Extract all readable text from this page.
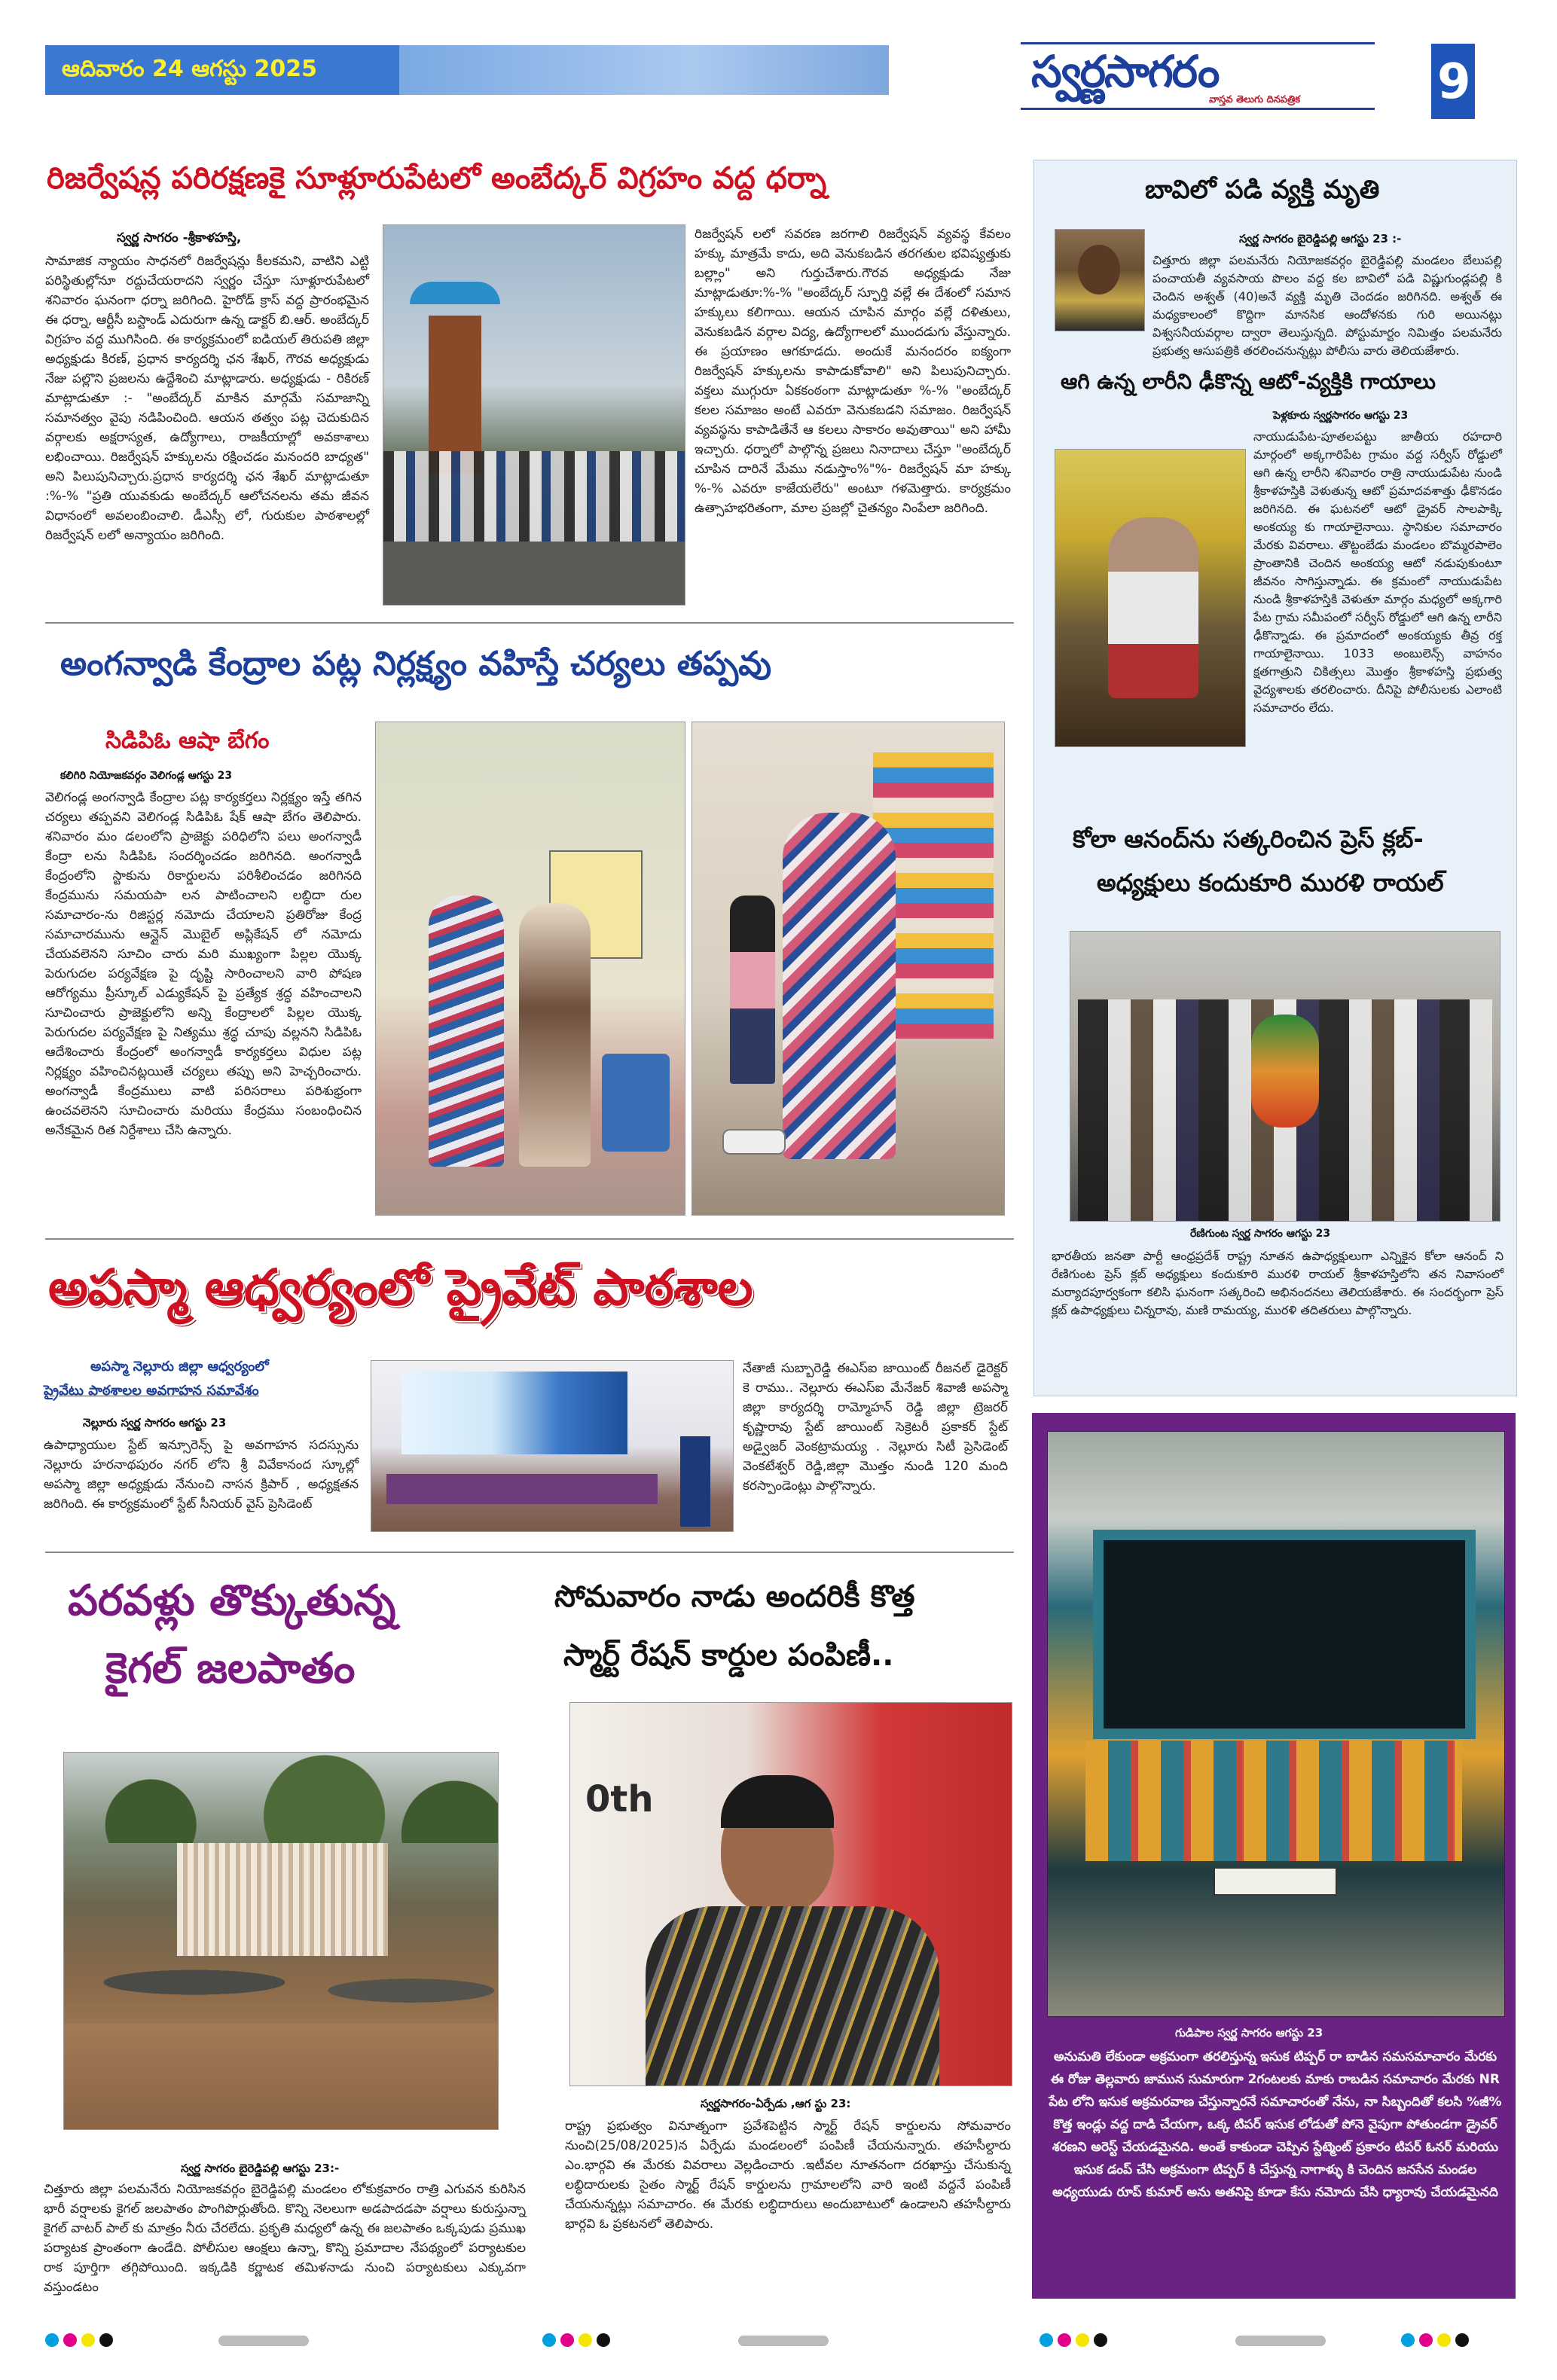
ఆదివారం 24 ఆగస్టు 2025	స్వర్ణసాగరం
వాస్తవ తెలుగు దినపత్రిక	9
రిజర్వేషన్ల పరిరక్షణకై సూళ్లూరుపేటలో అంబేద్కర్ విగ్రహం వద్ద ధర్నా
స్వర్ణ సాగరం -శ్రీకాళహస్తి,
సామాజిక న్యాయం సాధనలో రిజర్వేషన్లు కీలకమని, వాటిని ఎట్టి పరిస్థితుల్లోనూ రద్దుచేయరాదని స్వర్ణం చేస్తూ సూళ్లూరుపేటలో శనివారం ఘనంగా ధర్నా జరిగింది. హైరోడ్ క్రాస్ వద్ద ప్రారంభమైన ఈ ధర్నా, ఆర్టీసీ బస్టాండ్ ఎదురుగా ఉన్న డాక్టర్ బి.ఆర్. అంబేద్కర్ విగ్రహం వద్ద ముగిసింది. ఈ కార్యక్రమంలో ఐడియల్ తిరుపతి జిల్లా అధ్యక్షుడు కిరణ్, ప్రధాన కార్యదర్శి ఛన శేఖర్, గౌరవ అధ్యక్షుడు నేజు పల్లొని ప్రజలను ఉద్దేశించి మాట్లాడారు. అధ్యక్షుడు - రికిరణ్ మాట్లాడుతూ :- "అంబేద్కర్ మాకిన మార్గమే సమాజాన్ని సమానత్వం వైపు నడిపించింది. ఆయన తత్వం పట్ల చెదుకుదిన వర్గాలకు అక్షరాస్యత, ఉద్యోగాలు, రాజకీయాల్లో అవకాశాలు లభించాయి. రిజర్వేషన్ హక్కులను రక్షించడం మనందరి బాధ్యత" అని పిలుపునిచ్చారు.ప్రధాన కార్యదర్శి ఛన శేఖర్ మాట్లాడుతూ :%-% "ప్రతి యువకుడు అంబేద్కర్ ఆలోచనలను తమ జీవన విధానంలో అవలంబించాలి. డీఎస్సీ లో, గురుకుల పాఠశాలల్లో రిజర్వేషన్ లలో అన్యాయం జరిగింది.
రిజర్వేషన్ లలో సవరణ జరగాలి రిజర్వేషన్ వ్యవస్థ కేవలం హక్కు మాత్రమే కాదు, అది వెనుకబడిన తరగతుల భవిష్యత్తుకు బల్ల్లాం" అని గుర్తుచేశారు.గౌరవ అధ్యక్షుడు నేజు మాట్లాడుతూ:%-% "అంబేద్కర్ స్ఫూర్తి వల్లే ఈ దేశంలో సమాన హక్కులు కలిగాయి. ఆయన చూపిన మార్గం వల్లే దళితులు, వెనుకబడిన వర్గాల విద్య, ఉద్యోగాలలో ముందడుగు వేస్తున్నారు. ఈ ప్రయాణం ఆగకూడదు. అందుకే మనందరం ఐక్యంగా రిజర్వేషన్ హక్కులను కాపాడుకోవాలి" అని పిలుపునిచ్చారు. వక్తలు ముగ్గురూ ఏకకంఠంగా మాట్లాడుతూ %-% "అంబేద్కర్ కలల సమాజం అంటే ఎవరూ వెనుకబడని సమాజం. రిజర్వేషన్ వ్యవస్థను కాపాడితేనే ఆ కలలు సాకారం అవుతాయి" అని హామీ ఇచ్చారు. ధర్నాలో పాల్గొన్న ప్రజలు నినాదాలు చేస్తూ "అంబేద్కర్ చూపిన దారినే మేము నడుస్తాం%"%- రిజర్వేషన్ మా హక్కు %-% ఎవరూ కాజేయలేరు" అంటూ గళమెత్తారు. కార్యక్రమం ఉత్సాహభరితంగా, మాల ప్రజల్లో చైతన్యం నింపేలా జరిగింది.
అంగన్వాడి కేంద్రాల పట్ల నిర్లక్ష్యం వహిస్తే చర్యలు తప్పవు
సిడిపిఓ ఆషా బేగం
కలిగిరి నియోజకవర్గం వెలిగండ్ల ఆగస్టు 23
వెలిగండ్ల అంగన్వాడి కేంద్రాల పట్ల కార్యకర్తలు నిర్లక్ష్యం ఇస్తే తగిన చర్యలు తప్పవని వెలిగండ్ల సిడిపిఓ షేక్ ఆషా బేగం తెలిపారు. శనివారం మం డలంలోని ప్రాజెక్టు పరిధిలోని పలు అంగన్వాడీ కేంద్రా లను సిడిపిఓ సందర్శించడం జరిగినది. అంగన్వాడీ కేంద్రంలోని స్టాకును రికార్డులను పరిశీలించడం జరిగినది కేంద్రమును సమయపా లన పాటించాలని లబ్ధిదా రుల సమాచారం-ను రిజిస్టర్ల నమోదు చేయాలని ప్రతిరోజు కేంద్ర సమాచారమును ఆన్లైన్ మొబైల్ అప్లికేషన్ లో నమోదు చేయవలెనని సూచిం చారు మరి ముఖ్యంగా పిల్లల యొక్క పెరుగుదల పర్యవేక్షణ పై దృష్టి సారించాలని వారి పోషణ ఆరోగ్యము ప్రీస్కూల్ ఎడ్యుకేషన్ పై ప్రత్యేక శ్రద్ధ వహించాలని సూచించారు ప్రాజెక్టులోని అన్ని కేంద్రాలలో పిల్లల యొక్క పెరుగుదల పర్యవేక్షణ పై నిత్యము శ్రద్ధ చూపు వల్లనని సిడిపిఓ ఆదేశించారు కేంద్రంలో అంగన్వాడీ కార్యకర్తలు విధుల పట్ల నిర్లక్ష్యం వహించినట్లయితే చర్యలు తప్పు అని హెచ్చరించారు. అంగన్వాడీ కేంద్రములు వాటి పరిసరాలు పరిశుభ్రంగా ఉంచవలెనని సూచించారు మరియు కేంద్రము సంబంధించిన అనేకమైన రిత నిర్దేశాలు చేసి ఉన్నారు.
అపస్మా ఆధ్వర్యంలో ప్రైవేట్ పాఠశాల
అపస్మా నెల్లూరు జిల్లా ఆధ్వర్యంలో
ప్రైవేటు పాఠశాలల అవగాహన సమావేశం
నెల్లూరు స్వర్ణ సాగరం ఆగస్టు 23
ఉపాధ్యాయుల స్టేట్ ఇన్సూరెన్స్ పై అవగాహన సదస్సును నెల్లూరు హరనాథపురం నగర్ లోని శ్రీ వివేకానంద స్కూల్లో అపస్మా జిల్లా అధ్యక్షుడు నేనుంచి నాసన క్రిపార్ , అధ్యక్షతన జరిగింది. ఈ కార్యక్రమంలో స్టేట్ సీనియర్ వైస్ ప్రెసిడెంట్
నేతాజీ సుబ్బారెడ్డి ఈఎస్ఐ జాయింట్ రీజనల్ డైరెక్టర్ కె రాము.. నెల్లూరు ఈఎస్ఐ మేనేజర్ శివాజీ అపస్మా జిల్లా కార్యదర్శి రామ్మోహన్ రెడ్డి జిల్లా ట్రెజరర్ కృష్ణారావు స్టేట్ జాయింట్ సెక్రెటరీ ప్రకాకర్ స్టేట్ అడ్వైజర్ వెంకట్రామయ్య . నెల్లూరు సిటీ ప్రెసిడెంట్ వెంకటేశ్వర్ రెడ్డి,జిల్లా మొత్తం నుండి 120 మంది కరస్పాండెంట్లు పాల్గొన్నారు.
పరవళ్లు తొక్కుతున్న
కైగల్ జలపాతం
స్వర్ణ సాగరం బైరెడ్డిపల్లి ఆగస్టు 23:-
చిత్తూరు జిల్లా పలమనేరు నియోజకవర్గం బైరెడ్డిపల్లి మండలం లోకుక్రవారం రాత్రి ఎగువన కురిసిన భారీ వర్షాలకు కైగల్ జలపాతం పొంగిపొర్లుతోంది. కొన్ని నెలలుగా అడపాదడపా వర్షాలు కురుస్తున్నా కైగల్ వాటర్ పాల్ కు మాత్రం నీరు చేరలేదు. ప్రకృతి మధ్యలో ఉన్న ఈ జలపాతం ఒక్కపుడు ప్రముఖ పర్యాటక ప్రాంతంగా ఉండేది. పోలీసుల ఆంక్షలు ఉన్నా, కొన్ని ప్రమాదాల నేపథ్యంలో పర్యాటకుల రాక పూర్తిగా తగ్గిపోయింది. ఇక్కడికి కర్ణాటక తమిళనాడు నుంచి పర్యాటకులు ఎక్కువగా వస్తుండటం
సోమవారం నాడు అందరికీ కొత్త
స్మార్ట్ రేషన్ కార్డుల పంపిణీ..
0th
స్వర్ణసాగరం-ఏర్పేడు ,ఆగ స్టు 23:
రాష్ట్ర ప్రభుత్వం వినూత్నంగా ప్రవేశపెట్టిన స్మార్ట్ రేషన్ కార్డులను సోమవారం నుంచి(25/08/2025)న ఏర్పేడు మండలంలో పంపిణీ చేయనున్నారు. తహసీల్దారు ఎం.భార్గవి ఈ మేరకు వివరాలు వెల్లడించారు .ఇటీవల నూతనంగా దరఖాస్తు చేసుకున్న లబ్ధిదారులకు సైతం స్మార్ట్ రేషన్ కార్డులను గ్రామాలలోని వారి ఇంటి వద్దనే పంపిణీ చేయనున్నట్లు సమాచారం. ఈ మేరకు లబ్ధిదారులు అందుబాటులో ఉండాలని తహసీల్దారు భార్గవి ఓ ప్రకటనలో తెలిపారు.
బావిలో పడి వ్యక్తి మృతి
స్వర్ణ సాగరం బైరెడ్డిపల్లి ఆగస్టు 23 :-
చిత్తూరు జిల్లా పలమనేరు నియోజకవర్గం బైరెడ్డిపల్లి మండలం బేలుపల్లి పంచాయతీ వ్యవసాయ పొలం వద్ద కల బావిలో పడి విష్ణుగుండ్లపల్లి కి చెందిన అశ్వత్ (40)అనే వ్యక్తి మృతి చెందడం జరిగినది. అశ్వత్ ఈ మధ్యకాలంలో కొద్దిగా మానసిక ఆందోళనకు గురి అయినట్లు విశ్వసనీయవర్గాల ద్వారా తెలుస్తున్నది. పోస్టుమార్టం నిమిత్తం పలమనేరు ప్రభుత్వ ఆసుపత్రికి తరలించనున్నట్లు పోలీసు వారు తెలియజేశారు.
ఆగి ఉన్న లారీని ఢీకొన్న ఆటో-వ్యక్తికి గాయాలు
పెళ్లకూరు స్వర్ణసాగరం ఆగస్టు 23
నాయుడుపేట-పూతలపట్టు జాతీయ రహదారి మార్గంలో అక్కగారిపేట గ్రామం వద్ద సర్వీస్ రోడ్డులో ఆగి ఉన్న లారీని శనివారం రాత్రి నాయుడుపేట నుండి శ్రీకాళహస్తికి వెళుతున్న ఆటో ప్రమాదవశాత్తు ఢీకొనడం జరిగినది. ఈ ఘటనలో ఆటో డ్రైవర్ సాలపాక్కి అంకయ్య కు గాయాలైనాయి. స్థానికుల సమాచారం మేరకు వివరాలు. తొట్టంబేడు మండలం బొమ్మరపాలెం ప్రాంతానికి చెందిన అంకయ్య ఆటో నడుపుకుంటూ జీవనం సాగిస్తున్నాడు. ఈ క్రమంలో నాయుడుపేట నుండి శ్రీకాళహస్తికి వెళుతూ మార్గం మధ్యలో అక్కగారి పేట గ్రామ సమీపంలో సర్వీస్ రోడ్డులో ఆగి ఉన్న లారీని ఢీకొన్నాడు. ఈ ప్రమాదంలో అంకయ్యకు తీవ్ర రక్త గాయాలైనాయి. 1033 అంబులెన్స్ వాహనం క్షతగాత్రుని చికిత్సలు మొత్తం శ్రీకాళహస్తి ప్రభుత్వ వైద్యశాలకు తరలించారు. దీనిపై పోలీసులకు ఎలాంటి సమాచారం లేదు.
కోలా ఆనంద్‌ను సత్కరించిన ప్రెస్ క్లబ్-
అధ్యక్షులు కందుకూరి మురళి రాయల్
రేణిగుంట స్వర్ణ సాగరం ఆగస్టు 23
భారతీయ జనతా పార్టీ ఆంధ్రప్రదేశ్ రాష్ట్ర నూతన ఉపాధ్యక్షులుగా ఎన్నికైన కోలా ఆనంద్ ని రేణిగుంట ప్రెస్ క్లబ్ అధ్యక్షులు కందుకూరి మురళి రాయల్ శ్రీకాళహస్తిలోని తన నివాసంలో మర్యాదపూర్వకంగా కలిసి ఘనంగా సత్కరించి అభినందనలు తెలియజేశారు. ఈ సందర్భంగా ప్రెస్ క్లబ్ ఉపాధ్యక్షులు చిన్నరావు, మణి రామయ్య, మురళి తదితరులు పాల్గొన్నారు.
గుడిపాల స్వర్ణ సాగరం ఆగస్టు 23
అనుమతి లేకుండా అక్రమంగా తరలిస్తున్న ఇసుక టిప్పర్ రా బాడిన సమసమాచారం మేరకు ఈ రోజు తెల్లవారు జామున సుమారుగా 2గంటలకు మాకు రాబడిన సమాచారం మేరకు NR పేట లోని ఇసుక అక్రమరవాణ చేస్తున్నారనే సమాచారంతో నేను, నా సిబ్బందితో కలసి %జీ% కొత్త ఇండ్లు వద్ద దాడి చేయగా, ఒక్క టిపర్ ఇసుక లోడుతో పోనె వైపుగా పోతుండగా డ్రైవర్ శరణని అరెస్ట్ చేయడమైనది. అంతే కాకుండా చెప్పిన స్టేట్మెంట్ ప్రకారం టిపర్ ఓనర్ మరియు ఇసుక డంప్ చేసి అక్రమంగా టిప్పర్ కి చేస్తున్న నాగాళ్ళు కి చెందిన జనసేన మండల అధ్యయుడు రూప్ కుమార్ అను అతనిపై కూడా కేసు నమోదు చేసి ధ్యారావు చేయడమైనది
